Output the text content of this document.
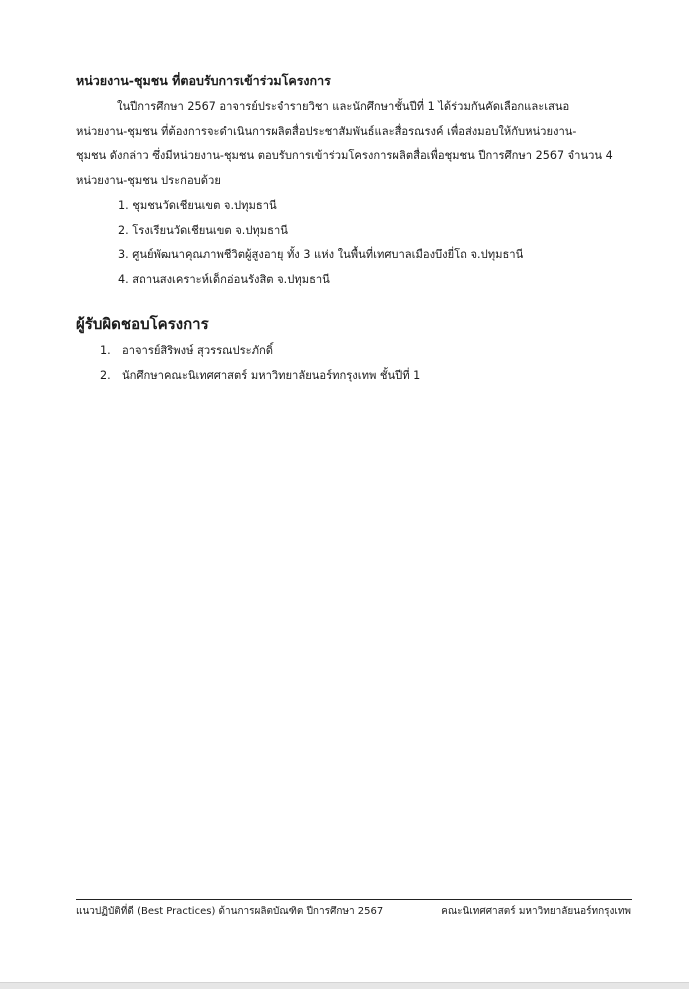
หน่วยงาน-ชุมชน ที่ตอบรับการเข้าร่วมโครงการ
ในปีการศึกษา 2567 อาจารย์ประจำรายวิชา และนักศึกษาชั้นปีที่ 1 ได้ร่วมกันคัดเลือกและเสนอ
หน่วยงาน-ชุมชน ที่ต้องการจะดำเนินการผลิตสื่อประชาสัมพันธ์และสื่อรณรงค์ เพื่อส่งมอบให้กับหน่วยงาน-
ชุมชน ดังกล่าว ซึ่งมีหน่วยงาน-ชุมชน ตอบรับการเข้าร่วมโครงการผลิตสื่อเพื่อชุมชน ปีการศึกษา 2567 จำนวน 4
หน่วยงาน-ชุมชน ประกอบด้วย
1. ชุมชนวัดเชียนเขต จ.ปทุมธานี
2. โรงเรียนวัดเชียนเขต จ.ปทุมธานี
3. ศูนย์พัฒนาคุณภาพชีวิตผู้สูงอายุ ทั้ง 3 แห่ง ในพื้นที่เทศบาลเมืองบึงยี่โถ จ.ปทุมธานี
4. สถานสงเคราะห์เด็กอ่อนรังสิต จ.ปทุมธานี
ผู้รับผิดชอบโครงการ
1. อาจารย์สิริพงษ์ สุวรรณประภักดิ์
2. นักศึกษาคณะนิเทศศาสตร์ มหาวิทยาลัยนอร์ทกรุงเทพ ชั้นปีที่ 1
แนวปฏิบัติที่ดี (Best Practices) ด้านการผลิตบัณฑิต ปีการศึกษา 2567	คณะนิเทศศาสตร์ มหาวิทยาลัยนอร์ทกรุงเทพ
